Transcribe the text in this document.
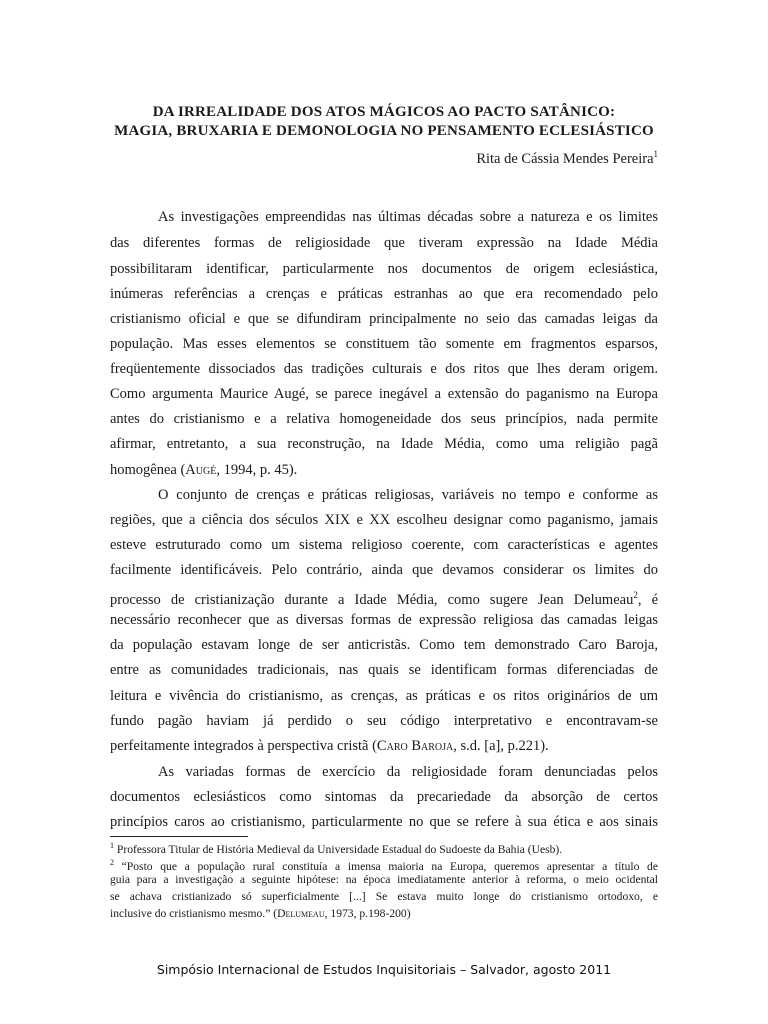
DA IRREALIDADE DOS ATOS MÁGICOS AO PACTO SATÂNICO:
MAGIA, BRUXARIA E DEMONOLOGIA NO PENSAMENTO ECLESIÁSTICO
Rita de Cássia Mendes Pereira$^1$
As investigações empreendidas nas últimas décadas sobre a natureza e os limites
das diferentes formas de religiosidade que tiveram expressão na Idade Média
possibilitaram identificar, particularmente nos documentos de origem eclesiástica,
inúmeras referências a crenças e práticas estranhas ao que era recomendado pelo
cristianismo oficial e que se difundiram principalmente no seio das camadas leigas da
população. Mas esses elementos se constituem tão somente em fragmentos esparsos,
freqüentemente dissociados das tradições culturais e dos ritos que lhes deram origem.
Como argumenta Maurice Augé, se parece inegável a extensão do paganismo na Europa
antes do cristianismo e a relativa homogeneidade dos seus princípios, nada permite
afirmar, entretanto, a sua reconstrução, na Idade Média, como uma religião pagã
homogênea (Augé, 1994, p. 45).
O conjunto de crenças e práticas religiosas, variáveis no tempo e conforme as
regiões, que a ciência dos séculos XIX e XX escolheu designar como paganismo, jamais
esteve estruturado como um sistema religioso coerente, com características e agentes
facilmente identificáveis. Pelo contrário, ainda que devamos considerar os limites do
processo de cristianização durante a Idade Média, como sugere Jean Delumeau$^2$, é
necessário reconhecer que as diversas formas de expressão religiosa das camadas leigas
da população estavam longe de ser anticristãs. Como tem demonstrado Caro Baroja,
entre as comunidades tradicionais, nas quais se identificam formas diferenciadas de
leitura e vivência do cristianismo, as crenças, as práticas e os ritos originários de um
fundo pagão haviam já perdido o seu código interpretativo e encontravam-se
perfeitamente integrados à perspectiva cristã (Caro Baroja, s.d. [a], p.221).
As variadas formas de exercício da religiosidade foram denunciadas pelos
documentos eclesiásticos como sintomas da precariedade da absorção de certos
princípios caros ao cristianismo, particularmente no que se refere à sua ética e aos sinais
$^1$ Professora Titular de História Medieval da Universidade Estadual do Sudoeste da Bahia (Uesb).
$^2$ “Posto que a população rural constituía a imensa maioria na Europa, queremos apresentar a título de
guia para a investigação a seguinte hipótese: na época imediatamente anterior à reforma, o meio ocidental
se achava cristianizado só superficialmente [...] Se estava muito longe do cristianismo ortodoxo, e
inclusive do cristianismo mesmo.” (Delumeau, 1973, p.198-200)
Simpósio Internacional de Estudos Inquisitoriais – Salvador, agosto 2011
